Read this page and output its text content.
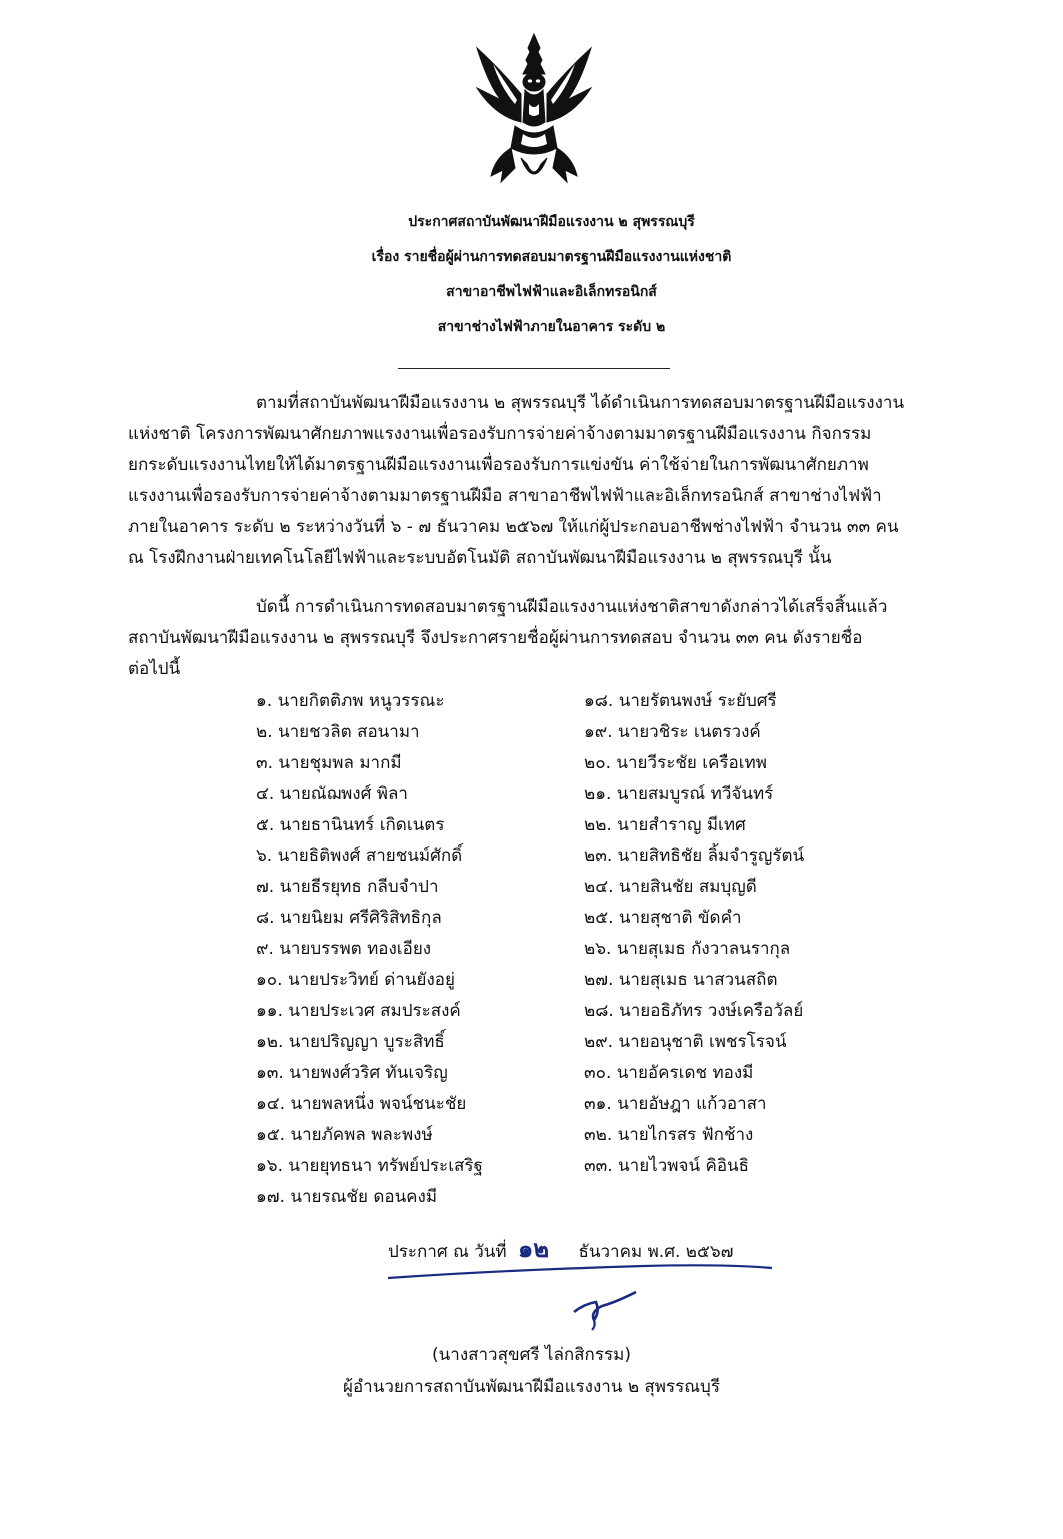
ประกาศสถาบันพัฒนาฝีมือแรงงาน ๒ สุพรรณบุรี
เรื่อง รายชื่อผู้ผ่านการทดสอบมาตรฐานฝีมือแรงงานแห่งชาติ
สาขาอาชีพไฟฟ้าและอิเล็กทรอนิกส์
สาขาช่างไฟฟ้าภายในอาคาร ระดับ ๒
ตามที่สถาบันพัฒนาฝีมือแรงงาน ๒ สุพรรณบุรี ได้ดำเนินการทดสอบมาตรฐานฝีมือแรงงาน
แห่งชาติ โครงการพัฒนาศักยภาพแรงงานเพื่อรองรับการจ่ายค่าจ้างตามมาตรฐานฝีมือแรงงาน กิจกรรม
ยกระดับแรงงานไทยให้ได้มาตรฐานฝีมือแรงงานเพื่อรองรับการแข่งขัน ค่าใช้จ่ายในการพัฒนาศักยภาพ
แรงงานเพื่อรองรับการจ่ายค่าจ้างตามมาตรฐานฝีมือ สาขาอาชีพไฟฟ้าและอิเล็กทรอนิกส์ สาขาช่างไฟฟ้า
ภายในอาคาร ระดับ ๒ ระหว่างวันที่ ๖ - ๗ ธันวาคม ๒๕๖๗ ให้แก่ผู้ประกอบอาชีพช่างไฟฟ้า จำนวน ๓๓ คน
ณ โรงฝึกงานฝ่ายเทคโนโลยีไฟฟ้าและระบบอัตโนมัติ สถาบันพัฒนาฝีมือแรงงาน ๒ สุพรรณบุรี นั้น
บัดนี้ การดำเนินการทดสอบมาตรฐานฝีมือแรงงานแห่งชาติสาขาดังกล่าวได้เสร็จสิ้นแล้ว
สถาบันพัฒนาฝีมือแรงงาน ๒ สุพรรณบุรี จึงประกาศรายชื่อผู้ผ่านการทดสอบ จำนวน ๓๓ คน ดังรายชื่อ
ต่อไปนี้
๑. นายกิตติภพ หนูวรรณะ
๒. นายชวลิต สอนามา
๓. นายชุมพล มากมี
๔. นายณัฌพงศ์ พิลา
๕. นายธานินทร์ เกิดเนตร
๖. นายธิติพงศ์ สายชนม์ศักดิ์
๗. นายธีรยุทธ กลีบจำปา
๘. นายนิยม ศรีศิริสิทธิกุล
๙. นายบรรพต ทองเอียง
๑๐. นายประวิทย์ ด่านยังอยู่
๑๑. นายประเวศ สมประสงค์
๑๒. นายปริญญา บูระสิทธิ์
๑๓. นายพงศ์วริศ ทันเจริญ
๑๔. นายพลหนึ่ง พจน์ชนะชัย
๑๕. นายภัคพล พละพงษ์
๑๖. นายยุทธนา ทรัพย์ประเสริฐ
๑๗. นายรณชัย ดอนคงมี
๑๘. นายรัตนพงษ์ ระยับศรี
๑๙. นายวชิระ เนตรวงค์
๒๐. นายวีระชัย เครือเทพ
๒๑. นายสมบูรณ์ ทวีจันทร์
๒๒. นายสำราญ มีเทศ
๒๓. นายสิทธิชัย ลิ้มจำรูญรัตน์
๒๔. นายสินชัย สมบุญดี
๒๕. นายสุชาติ ขัดคำ
๒๖. นายสุเมธ กังวาลนรากุล
๒๗. นายสุเมธ นาสวนสถิต
๒๘. นายอธิภัทร วงษ์เครือวัลย์
๒๙. นายอนุชาติ เพชรโรจน์
๓๐. นายอัครเดช ทองมี
๓๑. นายอัษฎา แก้วอาสา
๓๒. นายไกรสร ฟักช้าง
๓๓. นายไวพจน์ คิอินธิ
ประกาศ ณ วันที่ ๑๒ ธันวาคม พ.ศ. ๒๕๖๗
(นางสาวสุขศรี ไล่กสิกรรม)
ผู้อำนวยการสถาบันพัฒนาฝีมือแรงงาน ๒ สุพรรณบุรี
